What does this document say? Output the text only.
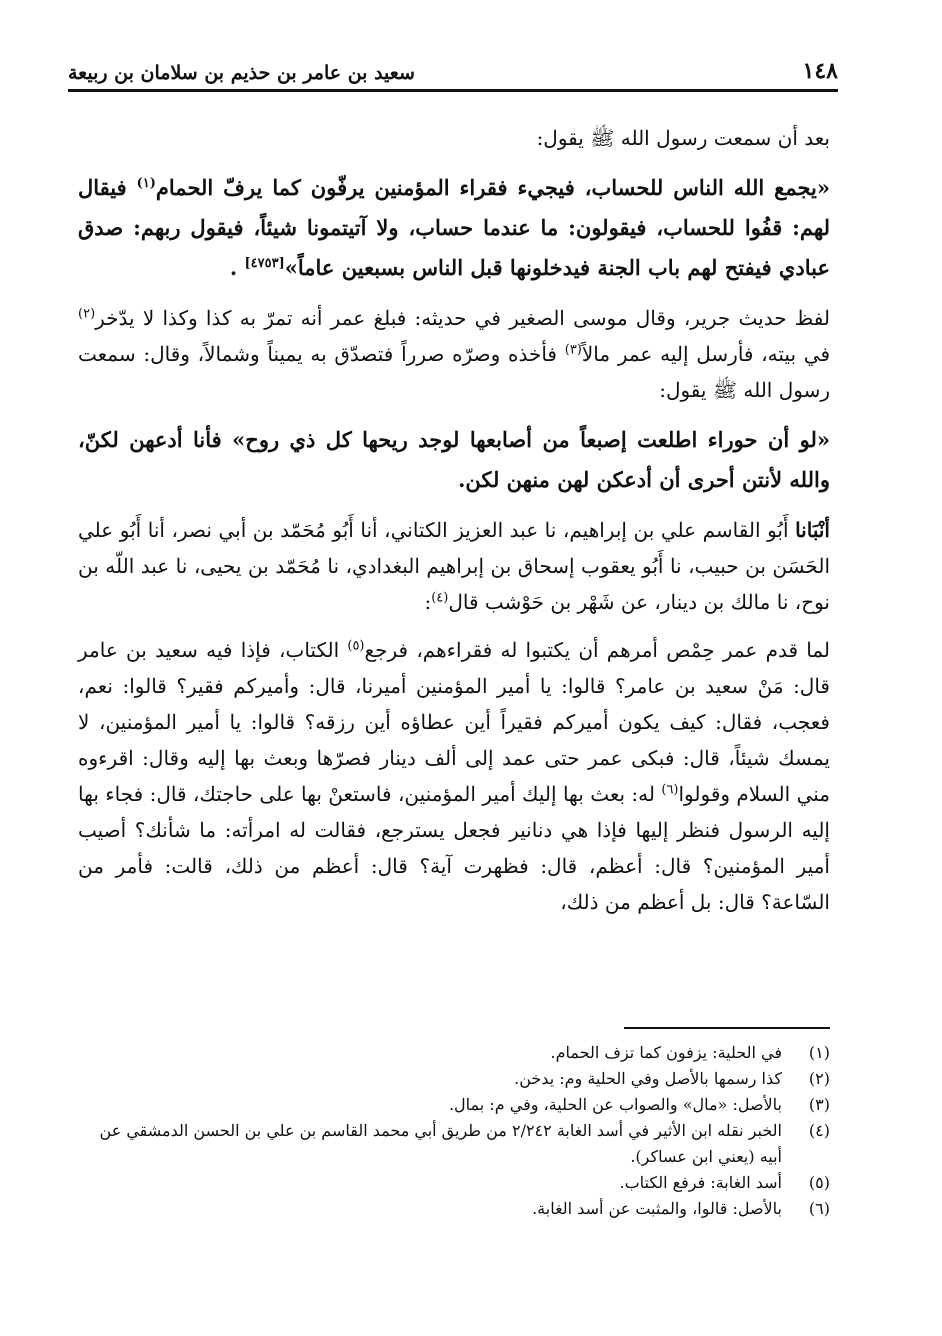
١٤٨
سعيد بن عامر بن حذيم بن سلامان بن ربيعة

بعد أن سمعت رسول الله ﷺ يقول:

«يجمع الله الناس للحساب، فيجيء فقراء المؤمنين يرفّون كما يرفّ الحمام$^{(١)}$ فيقال لهم: قفُوا للحساب، فيقولون: ما عندما حساب، ولا آتيتمونا شيئاً، فيقول ربهم: صدق عبادي فيفتح لهم باب الجنة فيدخلونها قبل الناس بسبعين عاماً»[٤٧٥٣] .

لفظ حديث جرير، وقال موسى الصغير في حديثه: فبلغ عمر أنه تمرّ به كذا وكذا لا يدّخر$^{(٢)}$ في بيته، فأرسل إليه عمر مالاً$^{(٣)}$ فأخذه وصرّه صرراً فتصدّق به يميناً وشمالاً، وقال: سمعت رسول الله ﷺ يقول:

«لو أن حوراء اطلعت إصبعاً من أصابعها لوجد ريحها كل ذي روح» فأنا أدعهن لكنّ، والله لأنتن أحرى أن أدعكن لهن منهن لكن.

أنْبَانا أَبُو القاسم علي بن إبراهيم، نا عبد العزيز الكتاني، أنا أَبُو مُحَمّد بن أبي نصر، أنا أَبُو علي الحَسَن بن حبيب، نا أَبُو يعقوب إسحاق بن إبراهيم البغدادي، نا مُحَمّد بن يحيى، نا عبد اللّه بن نوح، نا مالك بن دينار، عن شَهْر بن حَوْشب قال$^{(٤)}$:

لما قدم عمر حِمْص أمرهم أن يكتبوا له فقراءهم، فرجع$^{(٥)}$ الكتاب، فإذا فيه سعيد بن عامر قال: مَنْ سعيد بن عامر؟ قالوا: يا أمير المؤمنين أميرنا، قال: وأميركم فقير؟ قالوا: نعم، فعجب، فقال: كيف يكون أميركم فقيراً أين عطاؤه أين رزقه؟ قالوا: يا أمير المؤمنين، لا يمسك شيئاً، قال: فبكى عمر حتى عمد إلى ألف دينار فصرّها وبعث بها إليه وقال: اقرءوه مني السلام وقولوا$^{(٦)}$ له: بعث بها إليك أمير المؤمنين، فاستعنْ بها على حاجتك، قال: فجاء بها إليه الرسول فنظر إليها فإذا هي دنانير فجعل يسترجع، فقالت له امرأته: ما شأنك؟ أصيب أمير المؤمنين؟ قال: أعظم، قال: فظهرت آية؟ قال: أعظم من ذلك، قالت: فأمر من السّاعة؟ قال: بل أعظم من ذلك،

(١)
في الحلية: يزفون كما تزف الحمام.
(٢)
كذا رسمها بالأصل وفي الحلية وم: يدخن.
(٣)
بالأصل: «مال» والصواب عن الحلية، وفي م: بمال.
(٤)
الخبر نقله ابن الأثير في أسد الغابة ٢/٢٤٢ من طريق أبي محمد القاسم بن علي بن الحسن الدمشقي عن أبيه (يعني ابن عساكر).
(٥)
أسد الغابة: فرفع الكتاب.
(٦)
بالأصل: قالوا، والمثبت عن أسد الغابة.
